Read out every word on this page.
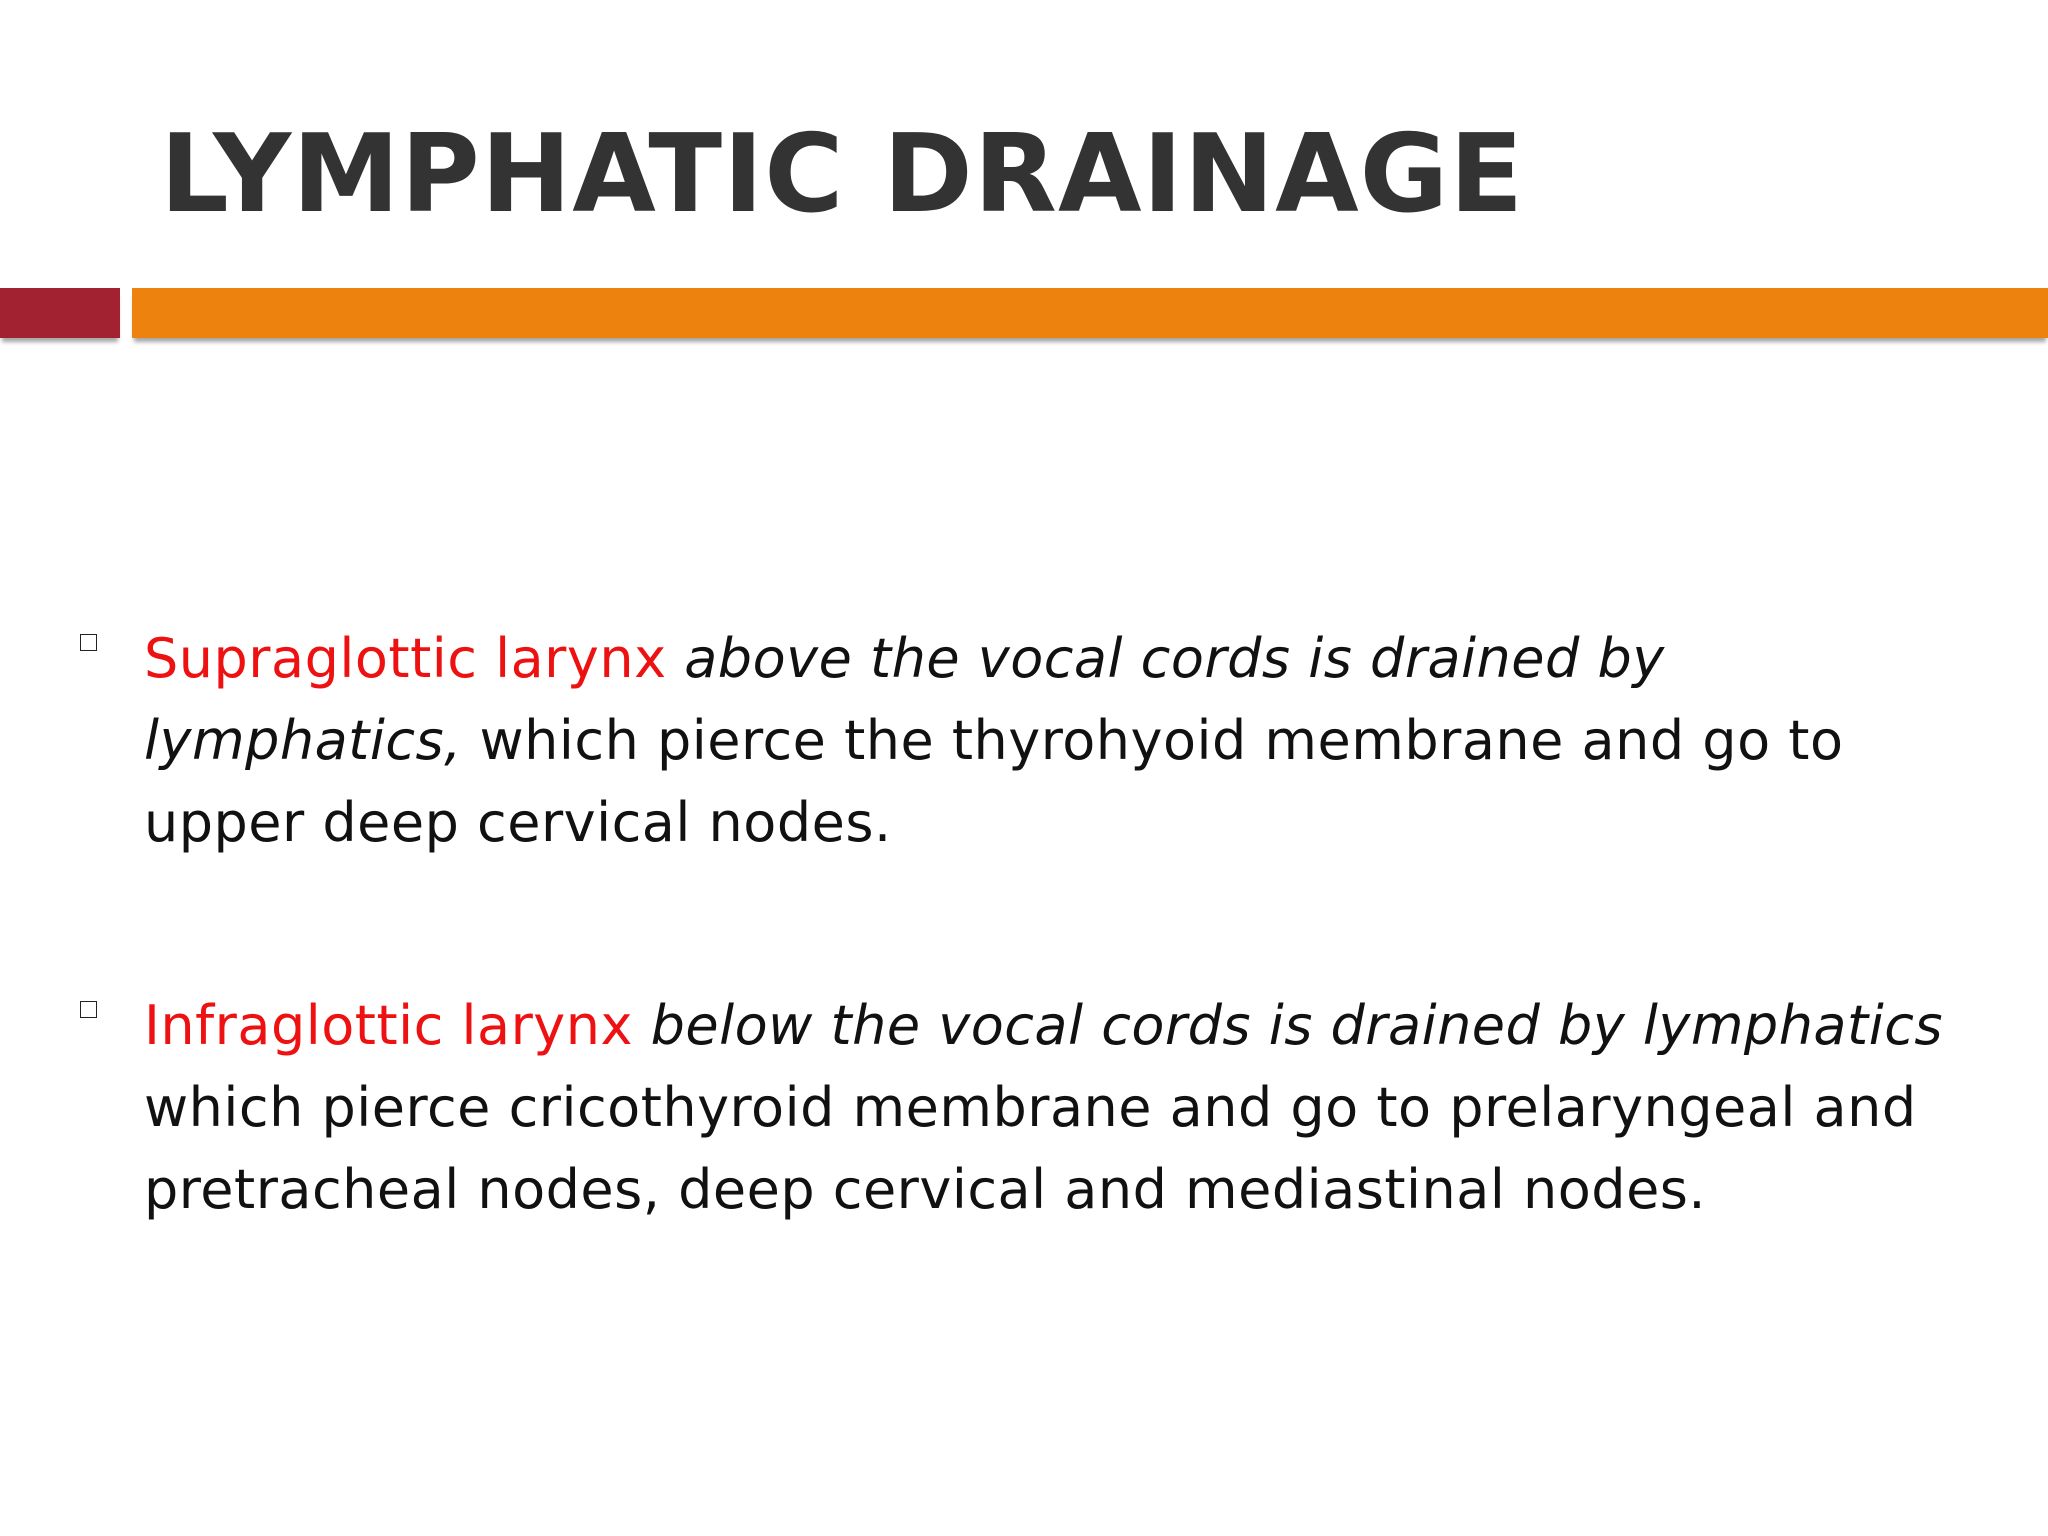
LYMPHATIC DRAINAGE

Supraglottic larynx above the vocal cords is drained by lymphatics, which pierce the thyrohyoid membrane and go to upper deep cervical nodes.

Infraglottic larynx below the vocal cords is drained by lymphatics which pierce cricothyroid membrane and go to prelaryngeal and pretracheal nodes, deep cervical and mediastinal nodes.
